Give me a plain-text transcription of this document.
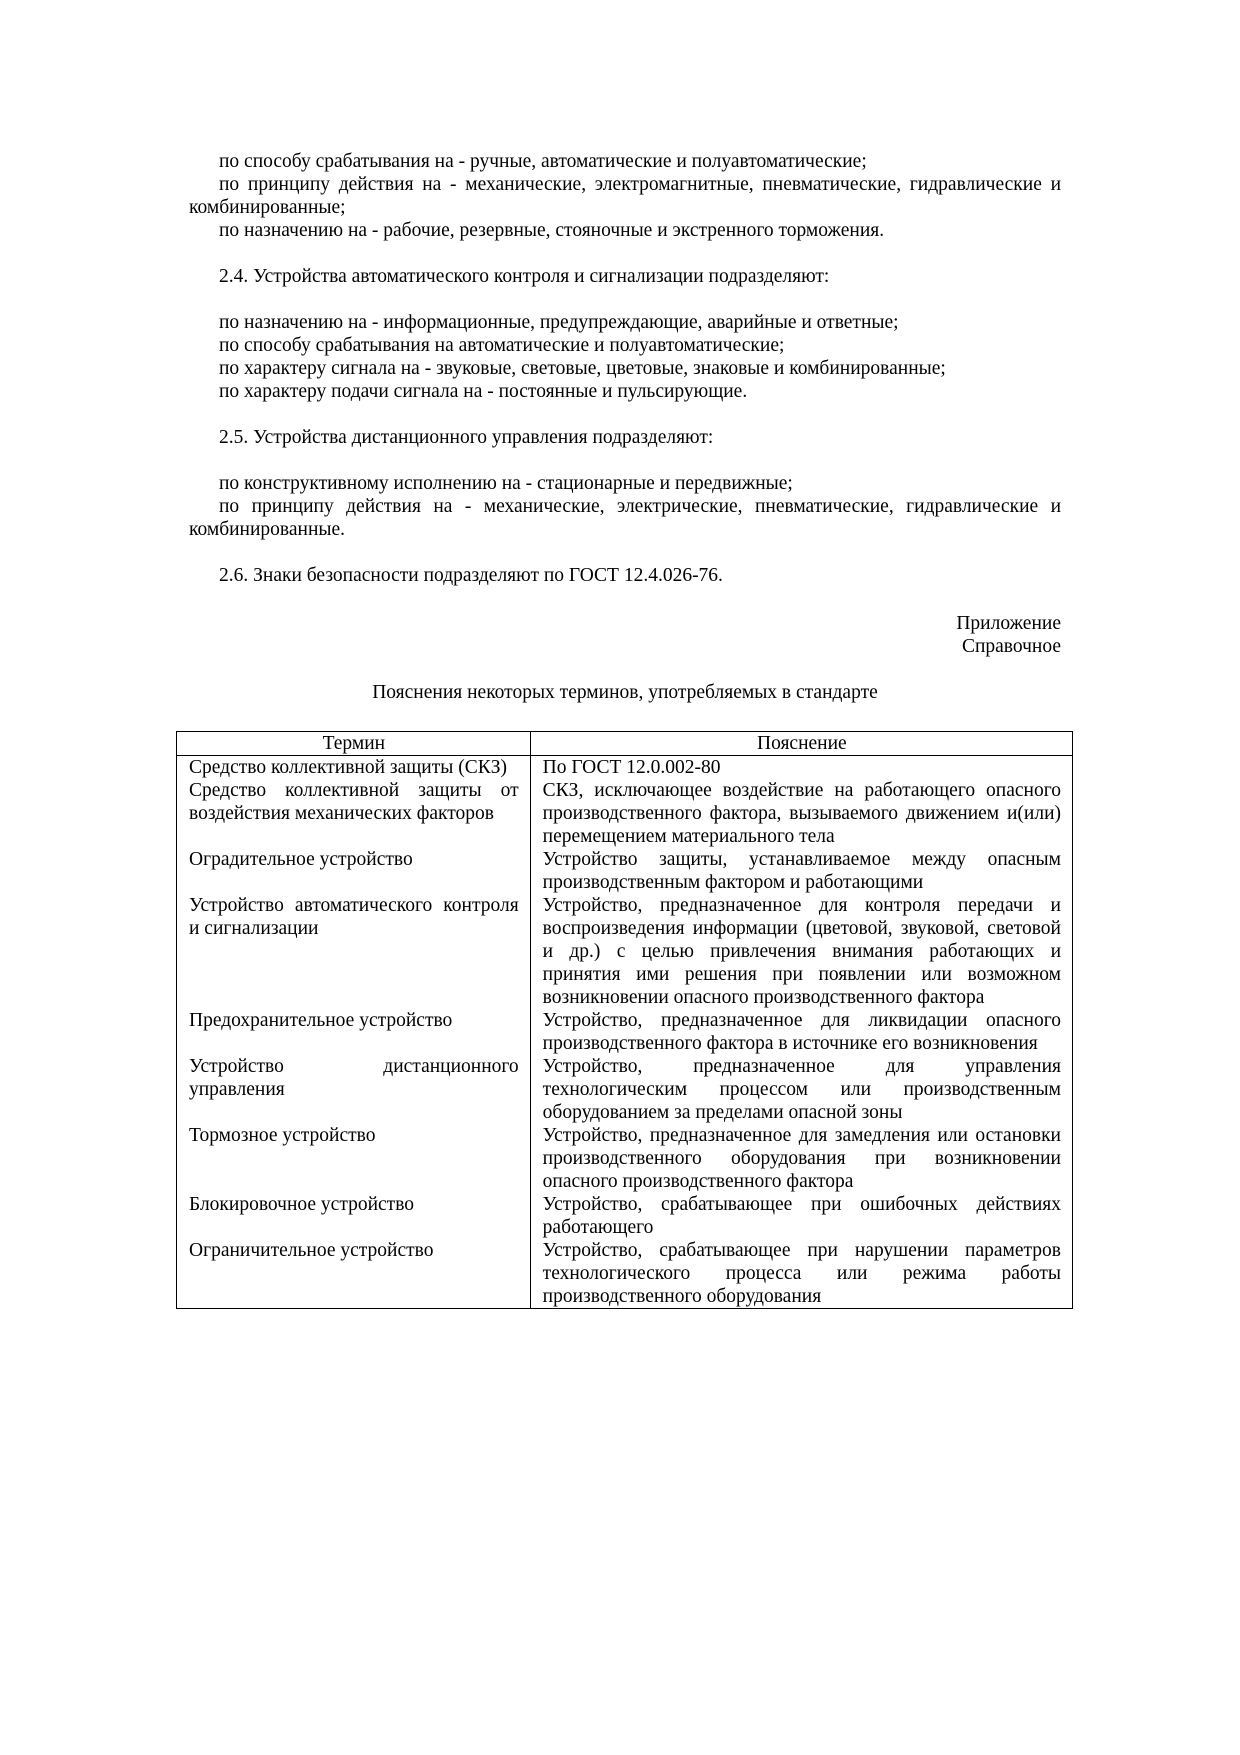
по способу срабатывания на - ручные, автоматические и полуавтоматические;

по принципу действия на - механические, электромагнитные, пневматические, гидравлические и комбинированные;

по назначению на - рабочие, резервные, стояночные и экстренного торможения.

2.4. Устройства автоматического контроля и сигнализации подразделяют:

по назначению на - информационные, предупреждающие, аварийные и ответные;

по способу срабатывания на автоматические и полуавтоматические;

по характеру сигнала на - звуковые, световые, цветовые, знаковые и комбинированные;

по характеру подачи сигнала на - постоянные и пульсирующие.

2.5. Устройства дистанционного управления подразделяют:

по конструктивному исполнению на - стационарные и передвижные;

по принципу действия на - механические, электрические, пневматические, гидравлические и комбинированные.

2.6. Знаки безопасности подразделяют по ГОСТ 12.4.026-76.

Приложение
Справочное
Пояснения некоторых терминов, употребляемых в стандарте
Термин	Пояснение
Средство коллективной защиты (СКЗ)	По ГОСТ 12.0.002-80
Средство коллективной защиты от воздействия механических факторов	СКЗ, исключающее воздействие на работающего опасного производственного фактора, вызываемого движением и(или) перемещением материального тела
Оградительное устройство	Устройство защиты, устанавливаемое между опасным производственным фактором и работающими
Устройство автоматического контроля и сигнализации	Устройство, предназначенное для контроля передачи и воспроизведения информации (цветовой, звуковой, световой и др.) с целью привлечения внимания работающих и принятия ими решения при появлении или возможном возникновении опасного производственного фактора
Предохранительное устройство	Устройство, предназначенное для ликвидации опасного производственного фактора в источнике его возникновения
Устройство дистанционного управления	Устройство, предназначенное для управления технологическим процессом или производственным оборудованием за пределами опасной зоны
Тормозное устройство	Устройство, предназначенное для замедления или остановки производственного оборудования при возникновении опасного производственного фактора
Блокировочное устройство	Устройство, срабатывающее при ошибочных действиях работающего
Ограничительное устройство	Устройство, срабатывающее при нарушении параметров технологического процесса или режима работы производственного оборудования
